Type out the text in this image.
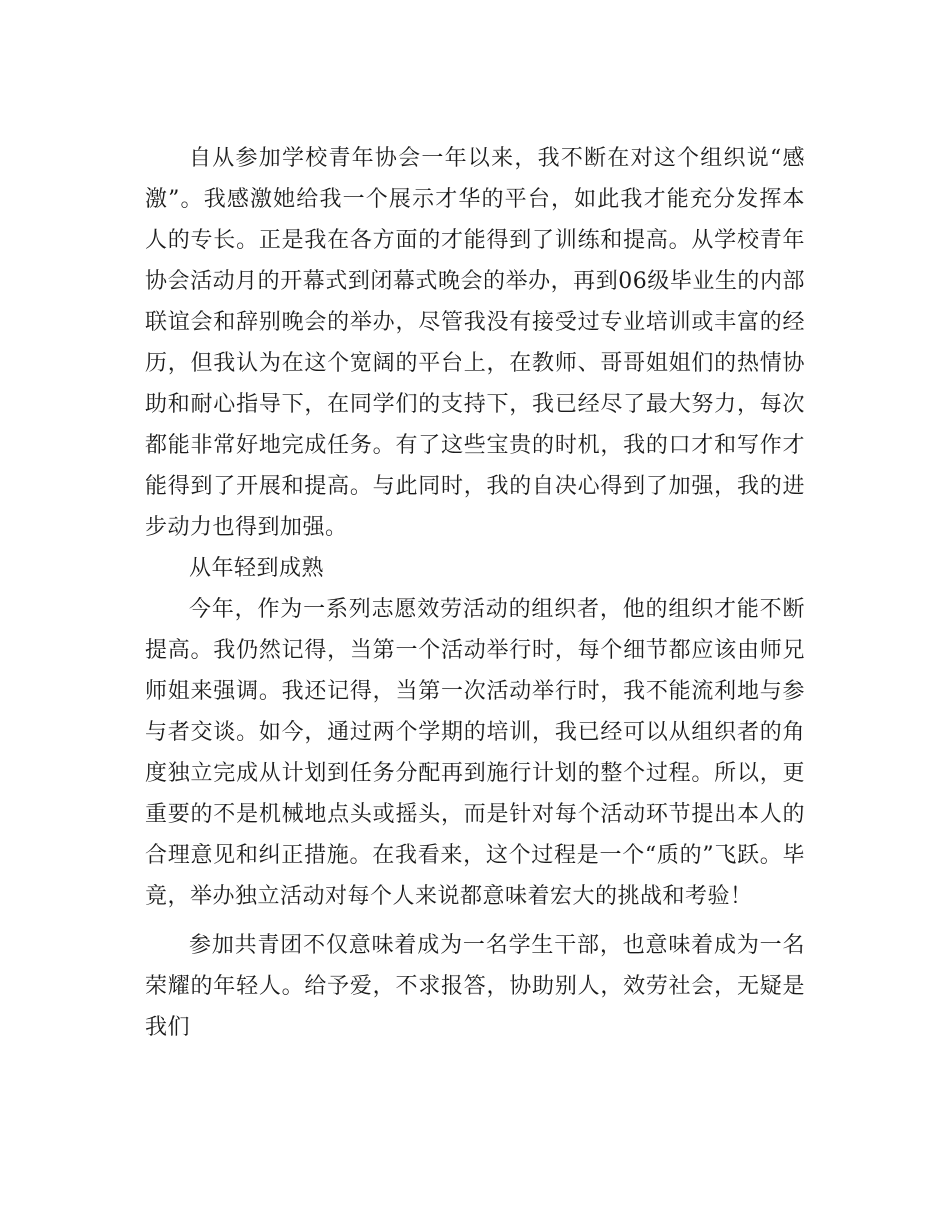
自从参加学校青年协会一年以来，我不断在对这个组织说“感激”。我感激她给我一个展示才华的平台，如此我才能充分发挥本人的专长。正是我在各方面的才能得到了训练和提高。从学校青年协会活动月的开幕式到闭幕式晚会的举办，再到06级毕业生的内部联谊会和辞别晚会的举办，尽管我没有接受过专业培训或丰富的经历，但我认为在这个宽阔的平台上，在教师、哥哥姐姐们的热情协助和耐心指导下，在同学们的支持下，我已经尽了最大努力，每次都能非常好地完成任务。有了这些宝贵的时机，我的口才和写作才能得到了开展和提高。与此同时，我的自决心得到了加强，我的进步动力也得到加强。

从年轻到成熟

今年，作为一系列志愿效劳活动的组织者，他的组织才能不断提高。我仍然记得，当第一个活动举行时，每个细节都应该由师兄师姐来强调。我还记得，当第一次活动举行时，我不能流利地与参与者交谈。如今，通过两个学期的培训，我已经可以从组织者的角度独立完成从计划到任务分配再到施行计划的整个过程。所以，更重要的不是机械地点头或摇头，而是针对每个活动环节提出本人的合理意见和纠正措施。在我看来，这个过程是一个“质的”飞跃。毕竟，举办独立活动对每个人来说都意味着宏大的挑战和考验！

参加共青团不仅意味着成为一名学生干部，也意味着成为一名荣耀的年轻人。给予爱，不求报答，协助别人，效劳社会，无疑是我们
